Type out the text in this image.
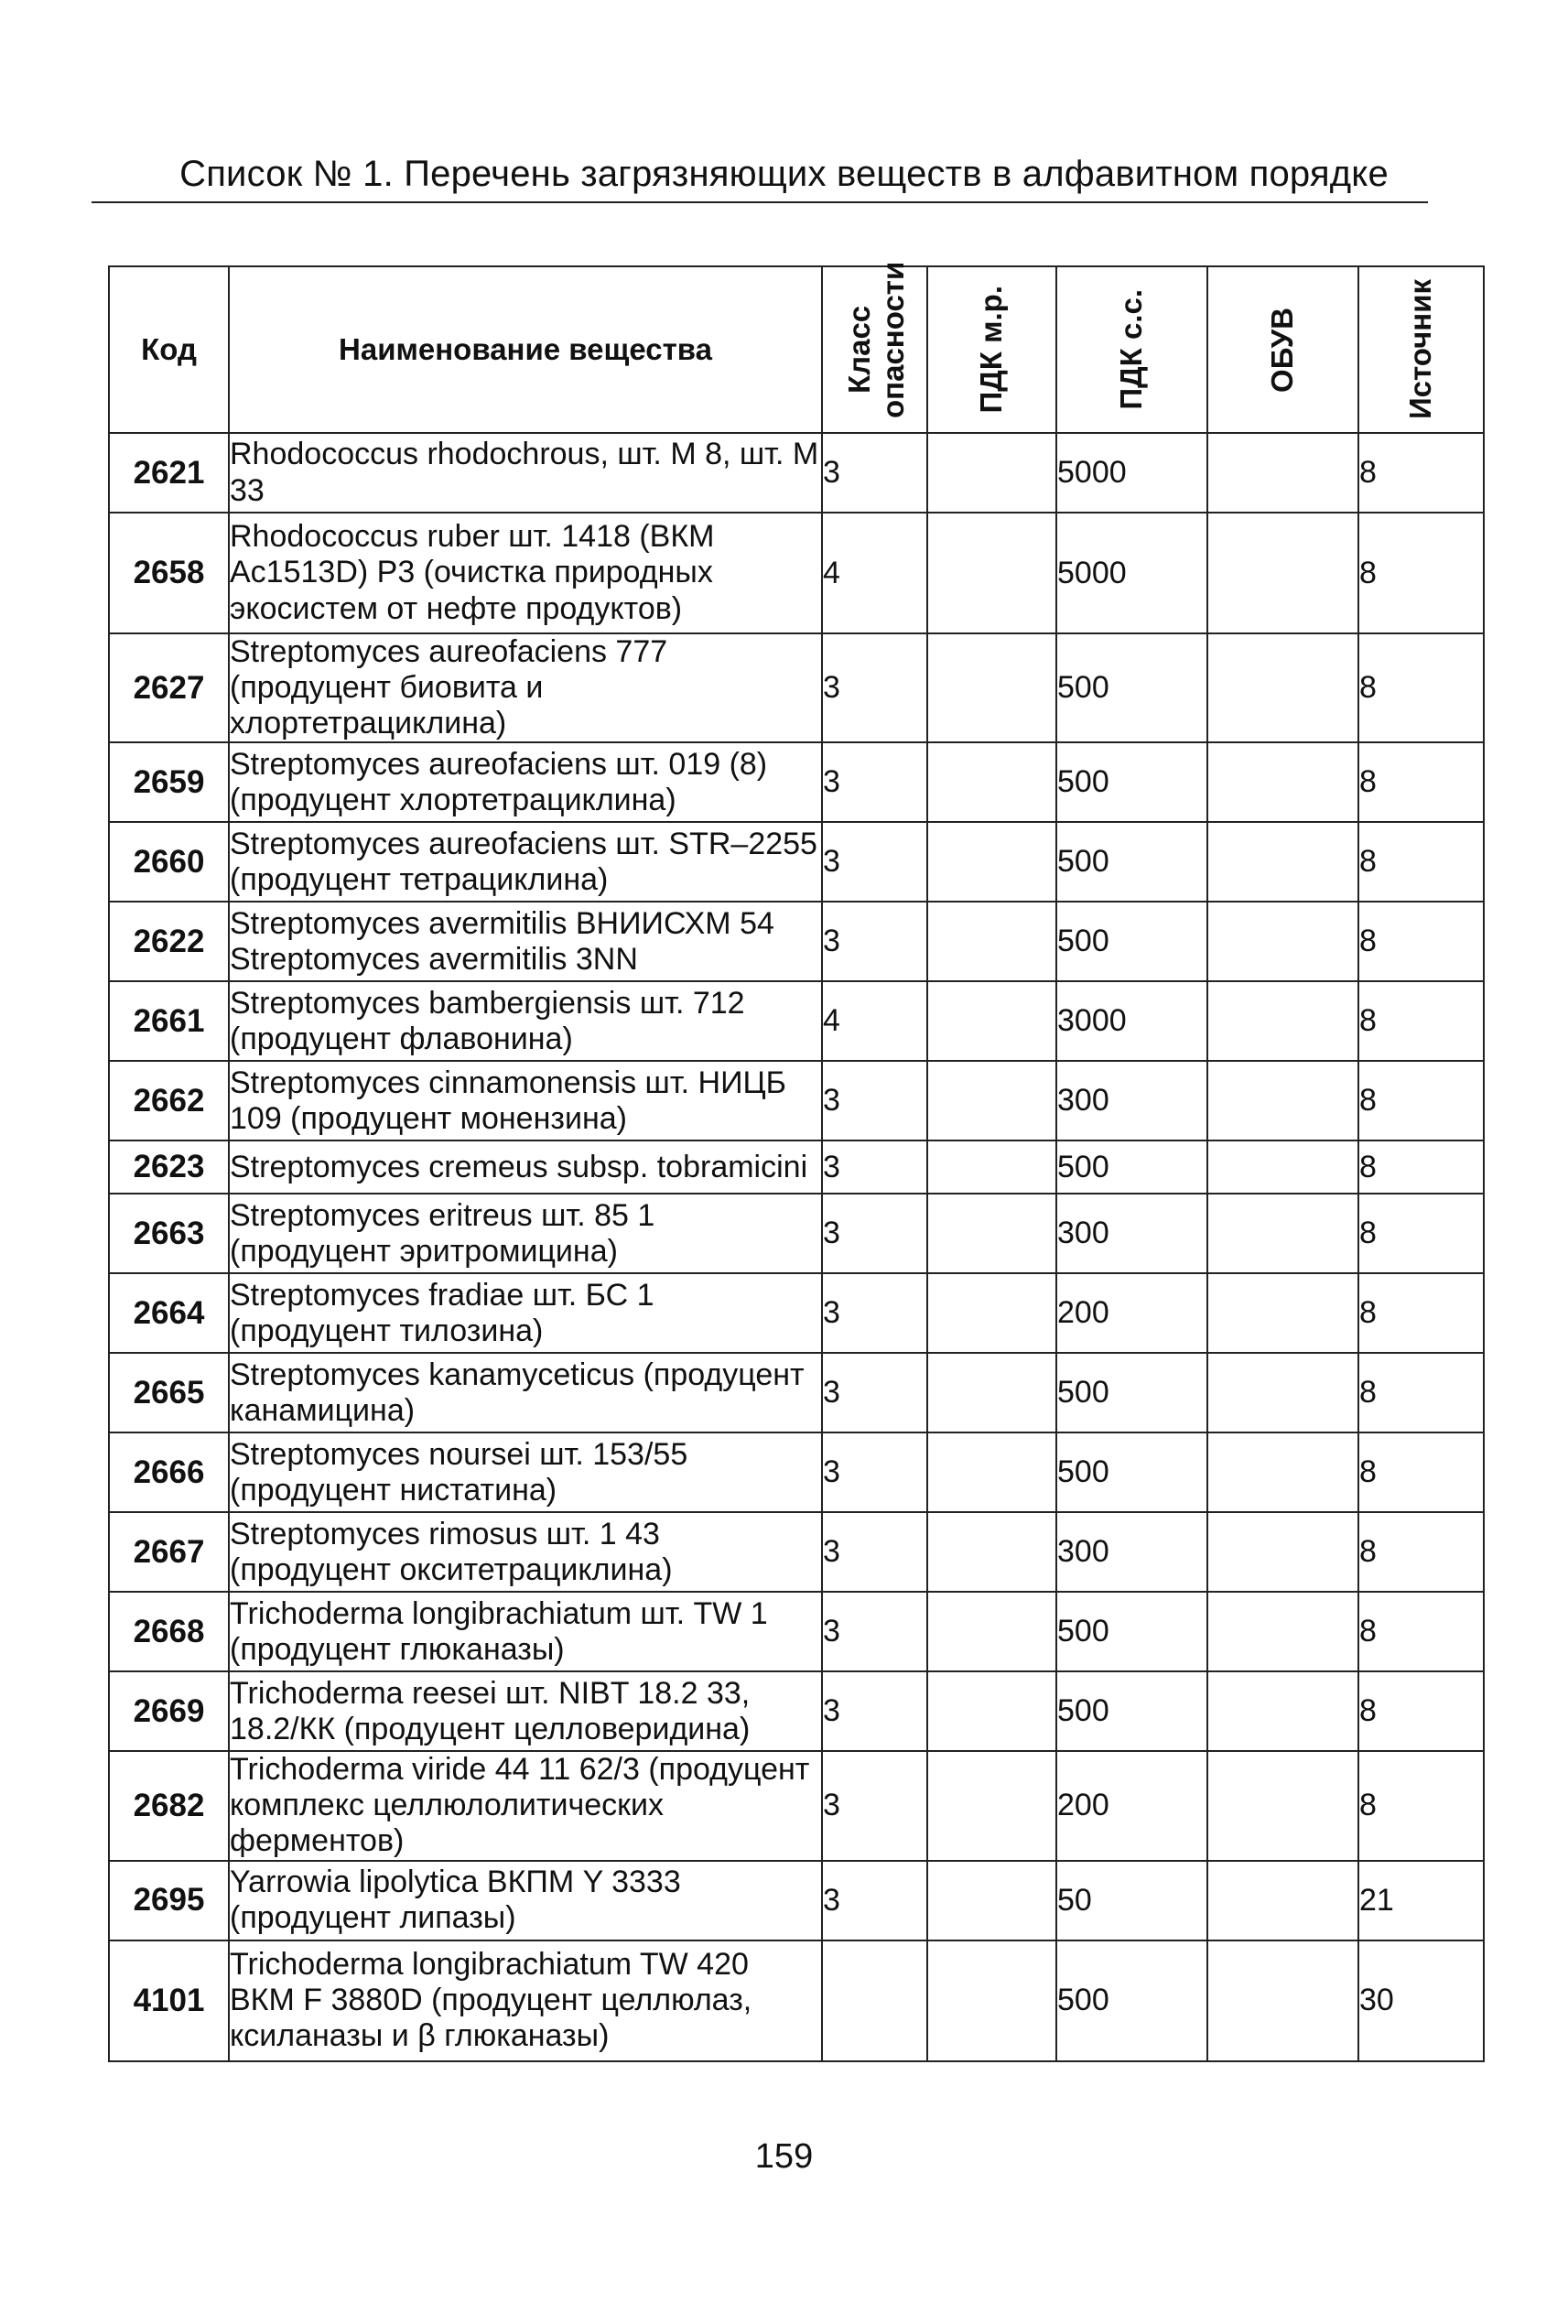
Список № 1. Перечень загрязняющих веществ в алфавитном порядке
Код	Наименование вещества	Класс опасности	ПДК м.р.	ПДК с.с.	ОБУВ	Источник

2621	Rhodococcus rhodochrous, шт. М 8, шт. М 33	3		5000		8
2658	Rhodococcus ruber шт. 1418 (ВКМ Ac1513D) Р3 (очистка природных экосистем от нефте продуктов)	4		5000		8
2627	Streptomyces aureofaciens 777 (продуцент биовита и хлортетрациклина)	3		500		8
2659	Streptomyces aureofaciens шт. 019 (8) (продуцент хлортетрациклина)	3		500		8
2660	Streptomyces aureofaciens шт. STR–2255 (продуцент тетрациклина)	3		500		8
2622	Streptomyces avermitilis ВНИИСХМ 54 Streptomyces avermitilis 3NN	3		500		8
2661	Streptomyces bambergiensis шт. 712 (продуцент флавонина)	4		3000		8
2662	Streptomyces cinnamonensis шт. НИЦБ 109 (продуцент монензина)	3		300		8
2623	Streptomyces cremeus subsp. tobramicini	3		500		8
2663	Streptomyces eritreus шт. 85 1 (продуцент эритромицина)	3		300		8
2664	Streptomyces fradiae шт. БС 1 (продуцент тилозина)	3		200		8
2665	Streptomyces kanamyceticus (продуцент канамицина)	3		500		8
2666	Streptomyces noursei шт. 153/55 (продуцент нистатина)	3		500		8
2667	Streptomyces rimosus шт. 1 43 (продуцент окситетрациклина)	3		300		8
2668	Trichoderma longibrachiatum шт. TW 1 (продуцент глюканазы)	3		500		8
2669	Trichoderma reesei шт. NIBT 18.2 33, 18.2/КК (продуцент целловеридина)	3		500		8
2682	Trichoderma viride 44 11 62/3 (продуцент комплекс целлюлолитических ферментов)	3		200		8
2695	Yarrowia lipolytica ВКПМ Y 3333 (продуцент липазы)	3		50		21
4101	Trichoderma longibrachiatum TW 420 ВКМ F 3880D (продуцент целлюлаз, ксиланазы и β глюканазы)			500		30
159
